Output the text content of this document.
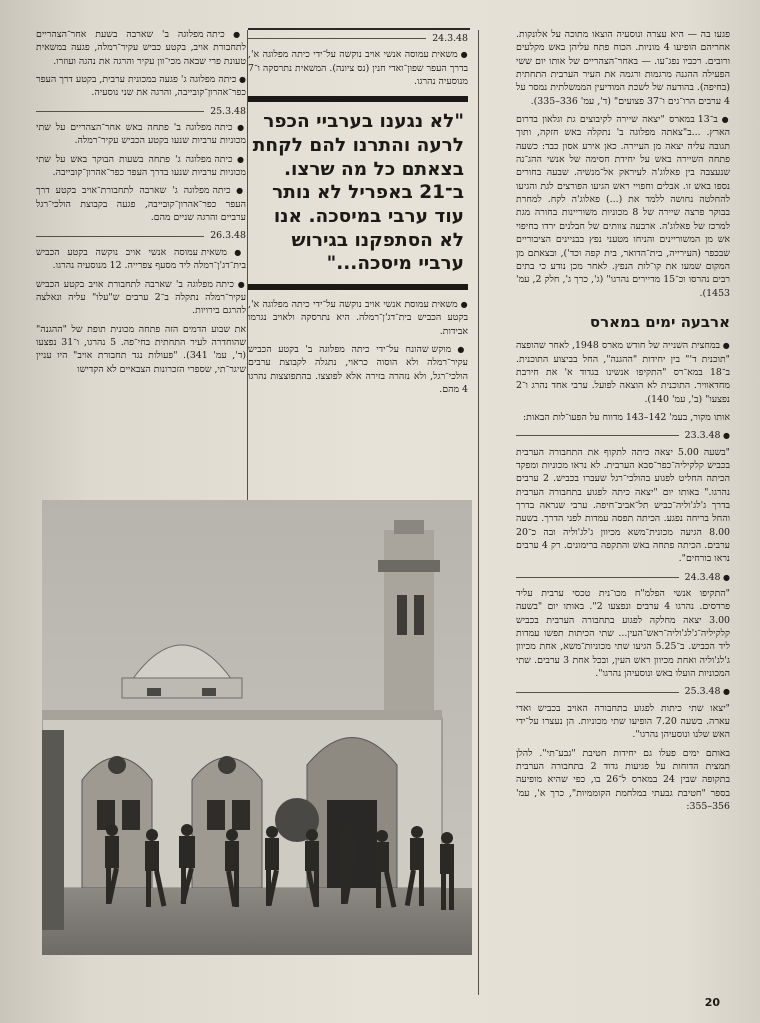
פגעו בה — היא עצרה ונוסעיה הוצאו מתוכה על אלונקות. אחריהם הופיעו 4 מוניות. הכוח פתח עליהן באש מקלעים ורובים. רכביו נפג־עו. — באחר־הצהריים של אותו יום ששי הפעילה ההגנה מרגמות ורגמה את העיר הערבית התחתית (בחיפה). בהודעה של לשכת המודיעין הממשלתית נמסר על 4 ערבים הרו־גים ו־37 פצועים" (ד', עמ' 336–335).

● ב־13 במארס "יצאה שיירה לקיבוצים גת וגלאון בדרום הארץ. ...ב"צאתה מפלוגה ב' נתקלה באש חזקה, ותוך תגובה עליה יצאה מן העיירה. כאן אירע אסון כבד: כשעה פתחה השיירה באש על יחידת חסימה של אנשי ההג־נה שנעצבה בין פאלוג'ה לעיראק אל־מנשיה. שבעה בחורים נספו באש זו. אבלים וחפויי ראש הגיעו הפורצים לגת והגיעו להחלטה נחושה ללמד את (...) פאלוג'ה לקח. למחרת בבוקר פרצה שיירה של 8 מכוניות משוריינות בחורה מגת למרכז של פאלוג'ה. ארבעה צוותים של חבלנים ירדו בחיפוי אש מן המשוריינים והניחו מטעני נפץ בבניינים הציבוריים שבכפר (העירייה, בית־הדואר, בית קפה וכד'), ובצאתם מן המקום שמעו את קו־לות הנפץ. לאחר מכן נודע כי בתים רבים נהרסו וכ־15 מדיירים נהרגו" (ג', כרך ג', חלק 2, עמ' 1453).

ארבעה ימים במארס

● במחצית השנייה של חודש מארס 1948, לאחר שהופצה "תוכנית ד'" בין יחידות "ההגנה", החל בביצוע התוכנית. ב־18 במא־רס "התקיפו אנשינו בגדוד א' את חירבת מחדאוויר. התוכנית לא הוצאה לפועל. ערבי אחד נהרג ו־2 נפצעו" (ב', עמ' 140).

אותו מקור, בעמ' 142–143 מדווח על הפעו־לות הבאות:

● 23.3.48

"בשעה 5.00 יצאה כיתה לתקוף את התחבורה הערבית בכביש קלקיליה־כפר־סבא הערבית. לא נראו מכוניות ומפקד הכיתה החליט לפגוע בהולכי־רגל שעברו בכביש. 2 ערבים נהרגו." באותו יום "יצאה כיתה לפגוע בתחבורה הערבית בדרך ג'לג'וליה־כביש תל־אביב־חיפה. ערבי שנראה בדרך והחל בריחה נפגע. הכיתה תפסה עמדות לפני הדרך. בשעה 8.00 הגיעה מכונית־משא מכיוון ג'לג'וליה ובה כ־20 ערבים. הכיתה פתחה באש והתקפה ברימונים. רק 4 ערבים נראו בורחים".

● 24.3.48

"התקיפו אנשי הפלמ"ח מכו־נית טכסי ערבית עליד פרדסים. נהרגו 4 ערבים ונפצעו 2". באותו יום "בשעה 3.00 יצאה מחלקה לפגוע בתחבורה הערבית בכביש קלקיליה־ג'לג'וליה־ראש־העין... שתי הכיתות תפשו עמדות ליד הכביש. ב־5.25 הגיעו שתי מכוניות־משא, אחת מכיוון ג'לג'וליה ואחת מכיוון ראש העין, ובכל אחת 3 ערבים. שתי המכוניות הועלו באש ונוסעיהן נהרגו".

● 25.3.48

"יצאו שתי כיתות לפגוע בתחבורה האויב בכביש ואדי עארה. בשעה 7.20 הופיעו שתי מכוניות. הן נעצרו על־ידי האש שלנו ונוסעיהן נהרגו".

באותם ימים פעלו גם יחידות חטיבת "גבע־תי". להלן תמצית הדוחות על פגיעות גדוד 2 בתחבורה הערבית בתקופה שבין 24 במארס ל־26 בו, כפי שהיא מופיעה בספר "חטיבת גבעתי במלחמת הקוממיות", כרך א', עמ' 356–355:

24.3.48

● משאית עמוסה אנשי אויב נוקשה על־ידי כיתה מפלוגה א', בדרך העפר שפון־ואדי חנין (נס ציונה). המשאית נתרסקה ו־7 מנוסעיה נהרגו.

"לא נגענו בערביי הכפר לרעה והתרנו להם לקחת בצאתם כל מה שרצו. ב־21 באפריל לא נותר עוד ערבי במיסכה. אנו לא הסתפקנו בגירוש ערביי מיסכה..."

● משאית עמוסת אנשי אויב נוקשה על־ידי כיתה מפלוגה א', בקטע הכביש בית־דג'ן־רמלה. היא נתרסקה ולאויב נגרמו אבידות.

● מוקש שהונח על־ידי כיתה מפלוגה ב' בקטע הכביש עקיר־רמלה ולא הוסוה כראוי, נתגלה לקבוצת ערבים הולכי־רגל, ולא נזהרה בזירה אלא לפוצצו. בהתפוצצות נהרגו 4 מהם.

● כיתה מפלוגה ב' שארבה בשעת אחר־הצהריים לתחבורת אויב, בקטע כביש עקיר־רמלה, פגעה במשאית טעונת פרי שבאה מכי־וון עקיר והרגה את נהגה ועוזרו.

● כיתה מפלוגה ג' פגעה במכונית ערבית, בקטע דרך העפר כפר־אהרון־קובייבה, והרגה את שני נוסעיה.

25.3.48

● כיתה מפלוגה ב' פתחה באש אחר־הצהריים על שתי מכוניות ערביות שנעו בקטע הכביש עקיר־רמלה.

● כיתה מפלוגה ג' פתחה בשעות הבוקר באש על שתי מכוניות ערביות שנעו בדרך העפר כפר־אהרון־קובייבה.

● כיתה מפלוגה ג' שארבה לתחבורת־אויב בקטע דרך העפר כפר־אהרון־קובייבה, פגעה בקבוצת הולכי־רגל ערביים והרגה שניים מהם.

26.3.48

● משאית עמוסה אנשי אויב נוקשה בקטע הכביש בית־דג'ן־רמלה ליד מסעף צפרייה. 12 מנוסעיה נהרגו.

● כיתה מפלוגה ב' שארבה לתחבורת אויב בקטע הכביש עקיר־רמלה נתקלה ב־2 ערבים ש"עלו" עליה ונאלצה להרגם בירויות.

את שבוע הדמים הזה פתחה מכונית תופת של "ההגנה" שהוחדרה לעיר התחתית בחי־פה. 5 נהרגו, ו־31 נפצעו (ד', עמ' 341). "פעולות נגד תחבורת אויב" היו עניין שיגר־תי, שספרי הזכרונות הצבאיים לא הקדישו

20
